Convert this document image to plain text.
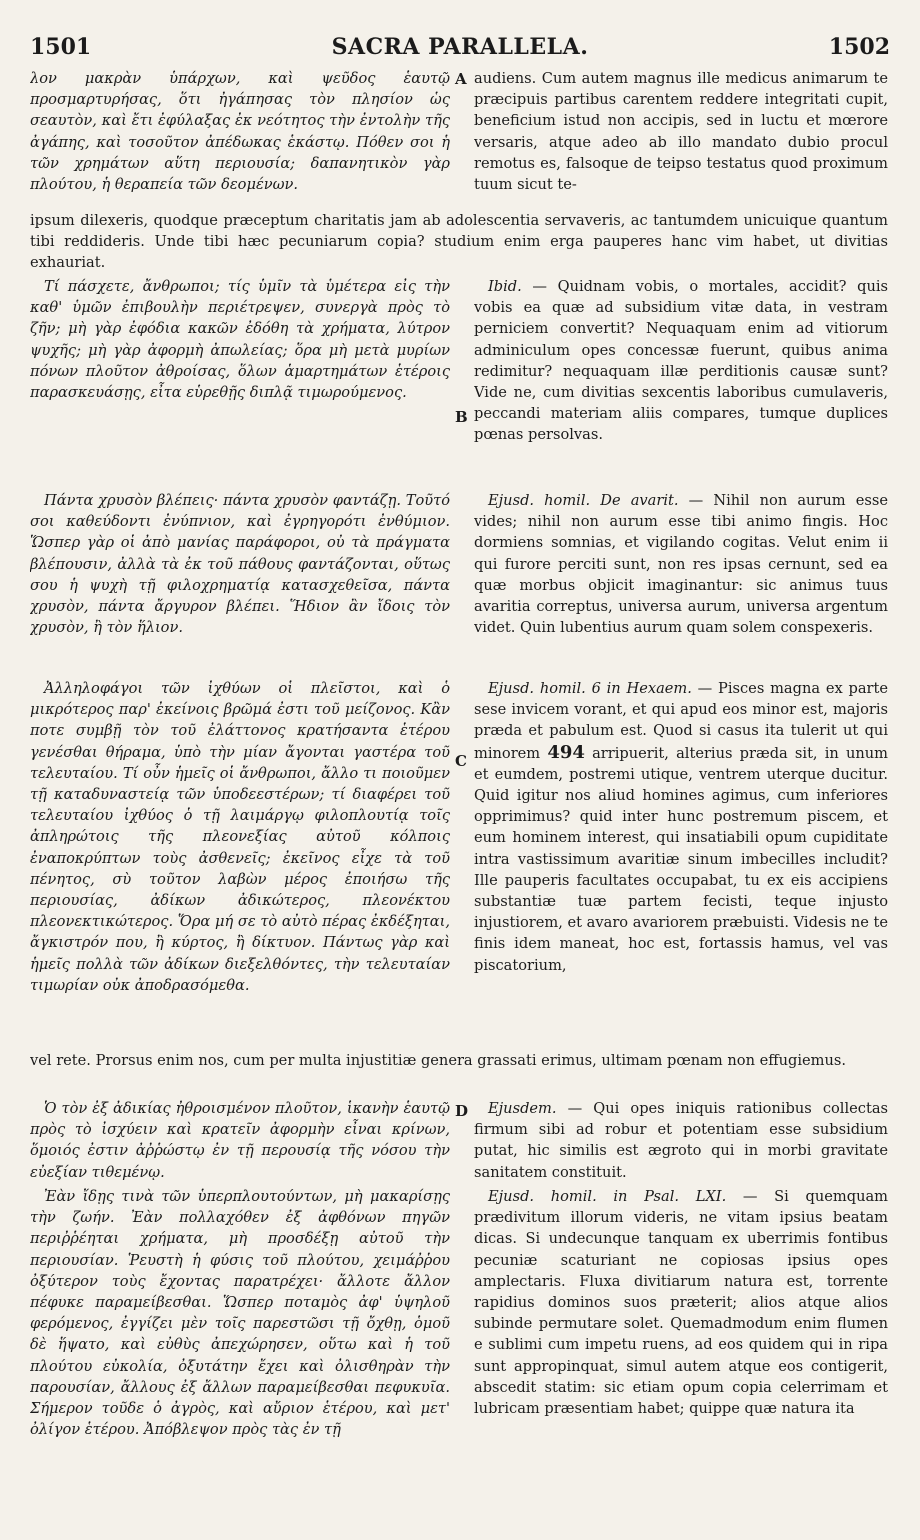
1501	SACRA PARALLELA.	1502

λον μακρὰν ὑπάρχων, καὶ ψεῦδος ἑαυτῷ προσμαρτυρήσας, ὅτι ἠγάπησας τὸν πλησίον ὡς σεαυτὸν, καὶ ἔτι ἐφύλαξας ἐκ νεότητος τὴν ἐντολὴν τῆς ἀγάπης, καὶ τοσοῦτον ἀπέδωκας ἑκάστῳ. Πόθεν σοι ἡ τῶν χρημάτων αὕτη περιουσία; δαπανητικὸν γὰρ πλούτου, ἡ θεραπεία τῶν δεομένων.

audiens. Cum autem magnus ille medicus animarum te præcipuis partibus carentem reddere integritati cupit, beneficium istud non accipis, sed in luctu et mœrore versaris, atque adeo ab illo mandato dubio procul remotus es, falsoque de teipso testatus quod proximum tuum sicut te-

ipsum dilexeris, quodque præceptum charitatis jam ab adolescentia servaveris, ac tantumdem unicuique quantum tibi reddideris. Unde tibi hæc pecuniarum copia? studium enim erga pauperes hanc vim habet, ut divitias exhauriat.

Τί πάσχετε, ἄνθρωποι; τίς ὑμῖν τὰ ὑμέτερα εἰς τὴν καθ' ὑμῶν ἐπιβουλὴν περιέτρεψεν, συνεργὰ πρὸς τὸ ζῆν; μὴ γὰρ ἐφόδια κακῶν ἐδόθη τὰ χρήματα, λύτρον ψυχῆς; μὴ γὰρ ἀφορμὴ ἀπωλείας; ὅρα μὴ μετὰ μυρίων πόνων πλοῦτον ἀθροίσας, ὅλων ἁμαρτημάτων ἑτέροις παρασκευάσῃς, εἶτα εὑρεθῇς διπλᾷ τιμωρούμενος.

Ibid. — Quidnam vobis, o mortales, accidit? quis vobis ea quæ ad subsidium vitæ data, in vestram perniciem convertit? Nequaquam enim ad vitiorum adminiculum opes concessæ fuerunt, quibus anima redimitur? nequaquam illæ perditionis causæ sunt? Vide ne, cum divitias sexcentis laboribus cumulaveris, peccandi materiam aliis compares, tumque duplices pœnas persolvas.

Πάντα χρυσὸν βλέπεις· πάντα χρυσὸν φαντάζῃ. Τοῦτό σοι καθεύδοντι ἐνύπνιον, καὶ ἐγρηγορότι ἐνθύμιον. Ὥσπερ γὰρ οἱ ἀπὸ μανίας παράφοροι, οὐ τὰ πράγματα βλέπουσιν, ἀλλὰ τὰ ἐκ τοῦ πάθους φαντάζονται, οὕτως σου ἡ ψυχὴ τῇ φιλοχρηματίᾳ κατασχεθεῖσα, πάντα χρυσὸν, πάντα ἄργυρον βλέπει. Ἥδιον ἂν ἴδοις τὸν χρυσὸν, ἢ τὸν ἥλιον.

Ejusd. homil. De avarit. — Nihil non aurum esse vides; nihil non aurum esse tibi animo fingis. Hoc dormiens somnias, et vigilando cogitas. Velut enim ii qui furore perciti sunt, non res ipsas cernunt, sed ea quæ morbus objicit imaginantur: sic animus tuus avaritia correptus, universa aurum, universa argentum videt. Quin lubentius aurum quam solem conspexeris.

Ἀλληλοφάγοι τῶν ἰχθύων οἱ πλεῖστοι, καὶ ὁ μικρότερος παρ' ἐκείνοις βρῶμά ἐστι τοῦ μείζονος. Κἂν ποτε συμβῇ τὸν τοῦ ἐλάττονος κρατήσαντα ἑτέρου γενέσθαι θήραμα, ὑπὸ τὴν μίαν ἄγονται γαστέρα τοῦ τελευταίου. Τί οὖν ἡμεῖς οἱ ἄνθρωποι, ἄλλο τι ποιοῦμεν τῇ καταδυναστείᾳ τῶν ὑποδεεστέρων; τί διαφέρει τοῦ τελευταίου ἰχθύος ὁ τῇ λαιμάργῳ φιλοπλουτίᾳ τοῖς ἀπληρώτοις τῆς πλεονεξίας αὐτοῦ κόλποις ἐναποκρύπτων τοὺς ἀσθενεῖς; ἐκεῖνος εἶχε τὰ τοῦ πένητος, σὺ τοῦτον λαβὼν μέρος ἐποιήσω τῆς περιουσίας, ἀδίκων ἀδικώτερος, πλεονέκτου πλεονεκτικώτερος. Ὅρα μή σε τὸ αὐτὸ πέρας ἐκδέξηται, ἄγκιστρόν που, ἢ κύρτος, ἢ δίκτυον. Πάντως γὰρ καὶ ἡμεῖς πολλὰ τῶν ἀδίκων διεξελθόντες, τὴν τελευταίαν τιμωρίαν οὐκ ἀποδρασόμεθα.

Ejusd. homil. 6 in Hexaem. — Pisces magna ex parte sese invicem vorant, et qui apud eos minor est, majoris præda et pabulum est. Quod si casus ita tulerit ut qui minorem 494 arripuerit, alterius præda sit, in unum et eumdem, postremi utique, ventrem uterque ducitur. Quid igitur nos aliud homines agimus, cum inferiores opprimimus? quid inter hunc postremum piscem, et eum hominem interest, qui insatiabili opum cupiditate intra vastissimum avaritiæ sinum imbecilles includit? Ille pauperis facultates occupabat, tu ex eis accipiens substantiæ tuæ partem fecisti, teque injusto injustiorem, et avaro avariorem præbuisti. Videsis ne te finis idem maneat, hoc est, fortassis hamus, vel vas piscatorium,

vel rete. Prorsus enim nos, cum per multa injustitiæ genera grassati erimus, ultimam pœnam non effugiemus.

Ὁ τὸν ἐξ ἀδικίας ἠθροισμένον πλοῦτον, ἱκανὴν ἑαυτῷ πρὸς τὸ ἰσχύειν καὶ κρατεῖν ἀφορμὴν εἶναι κρίνων, ὅμοιός ἐστιν ἀῤῥώστῳ ἐν τῇ περουσίᾳ τῆς νόσου τὴν εὐεξίαν τιθεμένῳ.

Ejusdem. — Qui opes iniquis rationibus collectas firmum sibi ad robur et potentiam esse subsidium putat, hic similis est ægroto qui in morbi gravitate sanitatem constituit.

Ἐὰν ἴδῃς τινὰ τῶν ὑπερπλουτούντων, μὴ μακαρίσῃς τὴν ζωήν. Ἐὰν πολλαχόθεν ἐξ ἀφθόνων πηγῶν περιῤῥέηται χρήματα, μὴ προσδέξῃ αὐτοῦ τὴν περιουσίαν. Ῥευστὴ ἡ φύσις τοῦ πλούτου, χειμάῤῥου ὀξύτερον τοὺς ἔχοντας παρατρέχει· ἄλλοτε ἄλλον πέφυκε παραμείβεσθαι. Ὥσπερ ποταμὸς ἀφ' ὑψηλοῦ φερόμενος, ἐγγίζει μὲν τοῖς παρεστῶσι τῇ ὄχθῃ, ὁμοῦ δὲ ἥψατο, καὶ εὐθὺς ἀπεχώρησεν, οὕτω καὶ ἡ τοῦ πλούτου εὐκολία, ὀξυτάτην ἔχει καὶ ὀλισθηρὰν τὴν παρουσίαν, ἄλλους ἐξ ἄλλων παραμείβεσθαι πεφυκυῖα. Σήμερον τοῦδε ὁ ἀγρὸς, καὶ αὔριον ἑτέρου, καὶ μετ' ὀλίγον ἑτέρου. Ἀπόβλεψον πρὸς τὰς ἐν τῇ

Ejusd. homil. in Psal. LXI. — Si quemquam prædivitum illorum videris, ne vitam ipsius beatam dicas. Si undecunque tanquam ex uberrimis fontibus pecuniæ scaturiant ne copiosas ipsius opes amplectaris. Fluxa divitiarum natura est, torrente rapidius dominos suos præterit; alios atque alios subinde permutare solet. Quemadmodum enim flumen e sublimi cum impetu ruens, ad eos quidem qui in ripa sunt appropinquat, simul autem atque eos contigerit, abscedit statim: sic etiam opum copia celerrimam et lubricam præsentiam habet; quippe quæ natura ita

A
B
C
D
